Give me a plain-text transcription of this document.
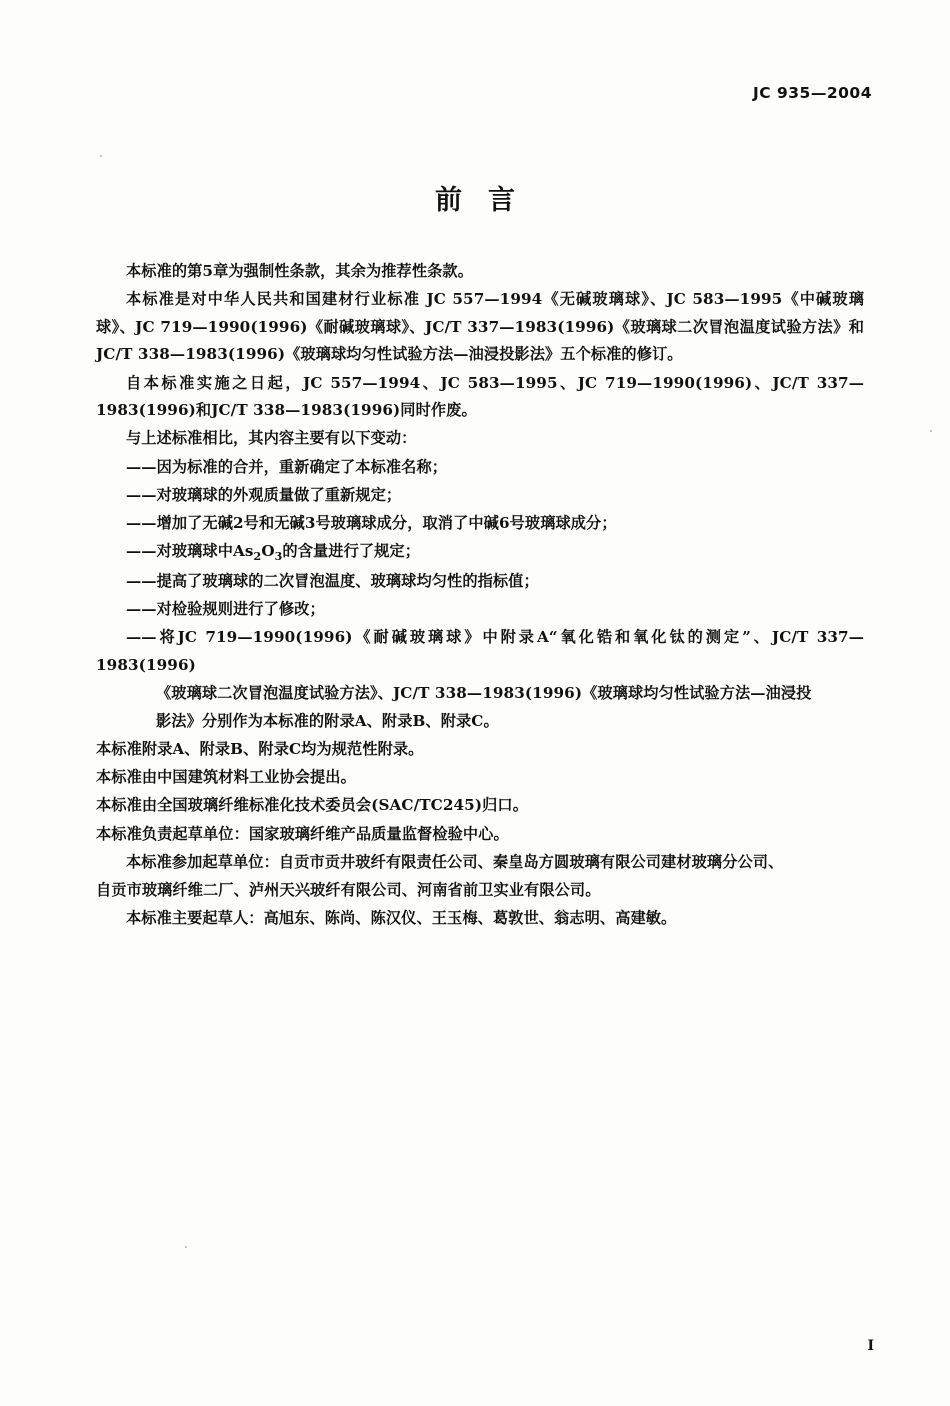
JC 935—2004
前言

本标准的第5章为强制性条款，其余为推荐性条款。

本标准是对中华人民共和国建材行业标准 JC 557—1994《无碱玻璃球》、JC 583—1995《中碱玻璃球》、JC 719—1990(1996)《耐碱玻璃球》、JC/T 337—1983(1996)《玻璃球二次冒泡温度试验方法》和JC/T 338—1983(1996)《玻璃球均匀性试验方法—油浸投影法》五个标准的修订。

自本标准实施之日起，JC 557—1994、JC 583—1995、JC 719—1990(1996)、JC/T 337—1983(1996)和JC/T 338—1983(1996)同时作废。

与上述标准相比，其内容主要有以下变动：

——因为标准的合并，重新确定了本标准名称；

——对玻璃球的外观质量做了重新规定；

——增加了无碱2号和无碱3号玻璃球成分，取消了中碱6号玻璃球成分；

——对玻璃球中$As_2O_3$的含量进行了规定；

——提高了玻璃球的二次冒泡温度、玻璃球均匀性的指标值；

——对检验规则进行了修改；

——将JC 719—1990(1996)《耐碱玻璃球》中附录A“氧化锆和氧化钛的测定”、JC/T 337—1983(1996)

《玻璃球二次冒泡温度试验方法》、JC/T 338—1983(1996)《玻璃球均匀性试验方法—油浸投

影法》分别作为本标准的附录A、附录B、附录C。

本标准附录A、附录B、附录C均为规范性附录。

本标准由中国建筑材料工业协会提出。

本标准由全国玻璃纤维标准化技术委员会(SAC/TC245)归口。

本标准负责起草单位：国家玻璃纤维产品质量监督检验中心。

本标准参加起草单位：自贡市贡井玻纤有限责任公司、秦皇岛方圆玻璃有限公司建材玻璃分公司、

自贡市玻璃纤维二厂、泸州天兴玻纤有限公司、河南省前卫实业有限公司。

本标准主要起草人：高旭东、陈尚、陈汉仪、王玉梅、葛敦世、翁志明、高建敏。

I
